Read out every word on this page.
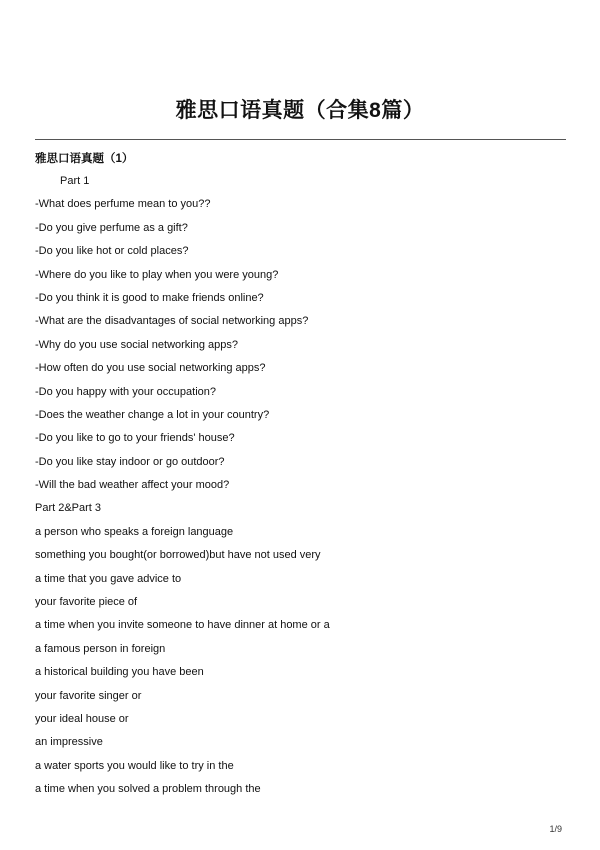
雅思口语真题（合集8篇）
雅思口语真题（1）
Part 1
-What does perfume mean to you??
-Do you give perfume as a gift?
-Do you like hot or cold places?
-Where do you like to play when you were young?
-Do you think it is good to make friends online?
-What are the disadvantages of social networking apps?
-Why do you use social networking apps?
-How often do you use social networking apps?
-Do you happy with your occupation?
-Does the weather change a lot in your country?
-Do you like to go to your friends' house?
-Do you like stay indoor or go outdoor?
-Will the bad weather affect your mood?
Part 2&Part 3
a person who speaks a foreign language
something you bought(or borrowed)but have not used very
a time that you gave advice to
your favorite piece of
a time when you invite someone to have dinner at home or a
a famous person in foreign
a historical building you have been
your favorite singer or
your ideal house or
an impressive
a water sports you would like to try in the
a time when you solved a problem through the
1/9
